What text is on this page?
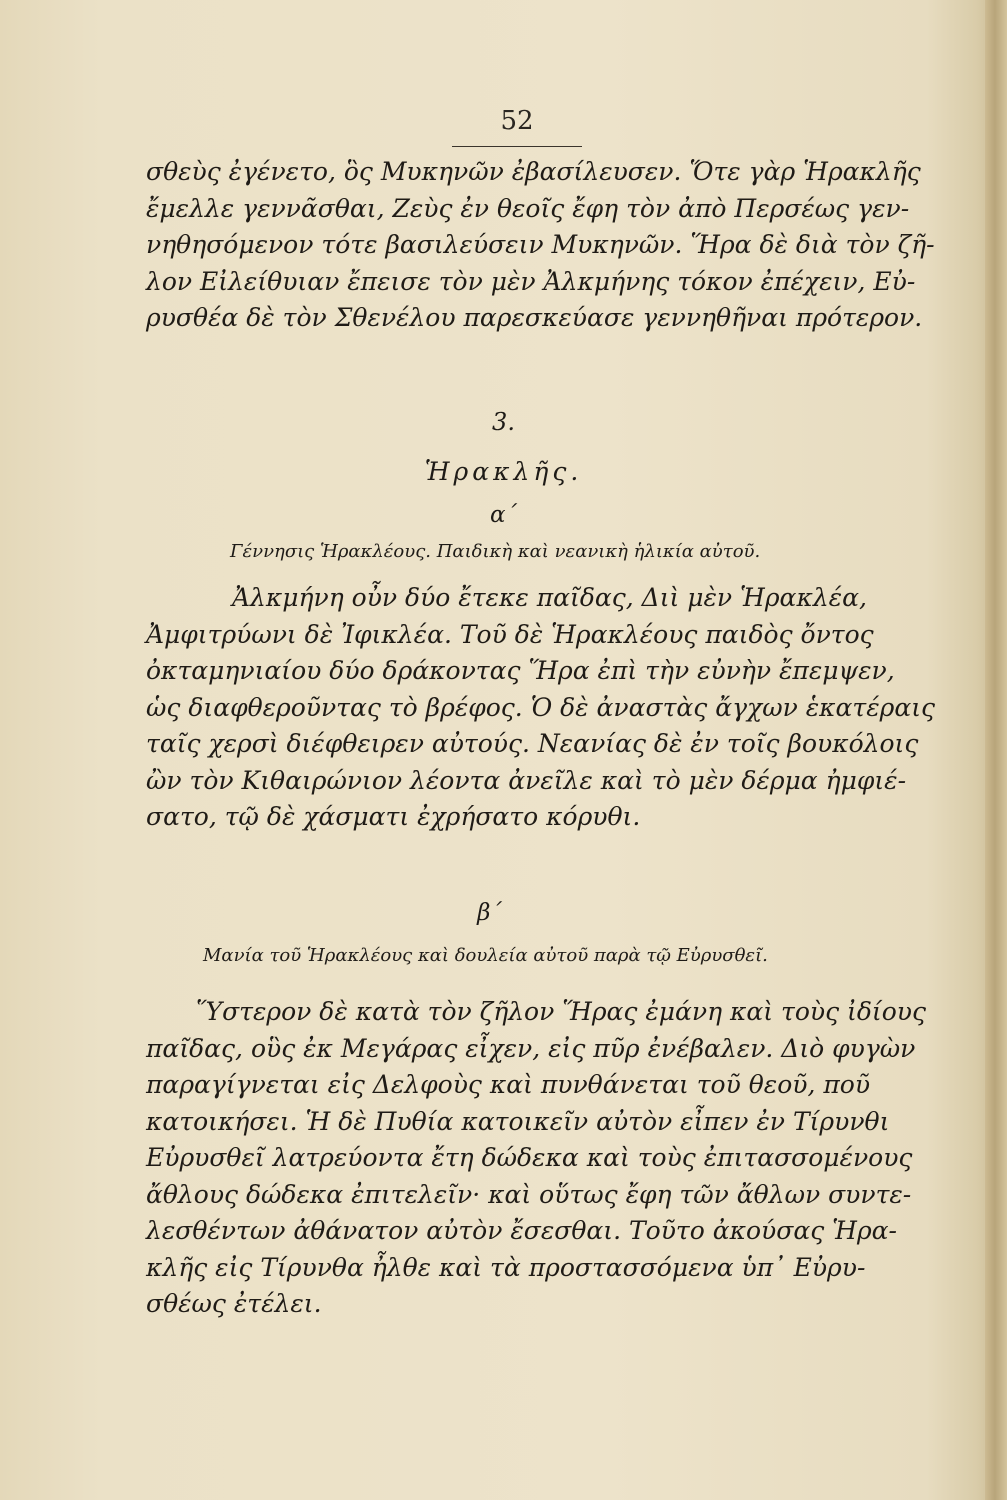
52
σθεὺς ἐγένετο, ὃς Μυκηνῶν ἐβασίλευσεν. Ὅτε γὰρ Ἡρακλῆς
ἔμελλε γεννᾶσθαι, Ζεὺς ἐν θεοῖς ἔφη τὸν ἀπὸ Περσέως γεν-
νηθησόμενον τότε βασιλεύσειν Μυκηνῶν. Ἥρα δὲ διὰ τὸν ζῆ-
λον Εἰλείθυιαν ἔπεισε τὸν μὲν Ἀλκμήνης τόκον ἐπέχειν, Εὐ-
ρυσθέα δὲ τὸν Σθενέλου παρεσκεύασε γεννηθῆναι πρότερον.
3.
Ἡρακλῆς.
α΄
Γέννησις Ἡρακλέους. Παιδικὴ καὶ νεανικὴ ἡλικία αὐτοῦ.
Ἀλκμήνη οὖν δύο ἔτεκε παῖδας, Διὶ μὲν Ἡρακλέα,
Ἀμφιτρύωνι δὲ Ἰφικλέα. Τοῦ δὲ Ἡρακλέους παιδὸς ὄντος
ὀκταμηνιαίου δύο δράκοντας Ἥρα ἐπὶ τὴν εὐνὴν ἔπεμψεν,
ὡς διαφθεροῦντας τὸ βρέφος. Ὁ δὲ ἀναστὰς ἄγχων ἑκατέραις
ταῖς χερσὶ διέφθειρεν αὐτούς. Νεανίας δὲ ἐν τοῖς βουκόλοις
ὢν τὸν Κιθαιρώνιον λέοντα ἀνεῖλε καὶ τὸ μὲν δέρμα ἠμφιέ-
σατο, τῷ δὲ χάσματι ἐχρήσατο κόρυθι.
β΄
Μανία τοῦ Ἡρακλέους καὶ δουλεία αὐτοῦ παρὰ τῷ Εὐρυσθεῖ.
Ὕστερον δὲ κατὰ τὸν ζῆλον Ἥρας ἐμάνη καὶ τοὺς ἰδίους
παῖδας, οὓς ἐκ Μεγάρας εἶχεν, εἰς πῦρ ἐνέβαλεν. Διὸ φυγὼν
παραγίγνεται εἰς Δελφοὺς καὶ πυνθάνεται τοῦ θεοῦ, ποῦ
κατοικήσει. Ἡ δὲ Πυθία κατοικεῖν αὐτὸν εἶπεν ἐν Τίρυνθι
Εὐρυσθεῖ λατρεύοντα ἔτη δώδεκα καὶ τοὺς ἐπιτασσομένους
ἄθλους δώδεκα ἐπιτελεῖν· καὶ οὕτως ἔφη τῶν ἄθλων συντε-
λεσθέντων ἀθάνατον αὐτὸν ἔσεσθαι. Τοῦτο ἀκούσας Ἡρα-
κλῆς εἰς Τίρυνθα ἦλθε καὶ τὰ προστασσόμενα ὑπ᾽ Εὐρυ-
σθέως ἐτέλει.
